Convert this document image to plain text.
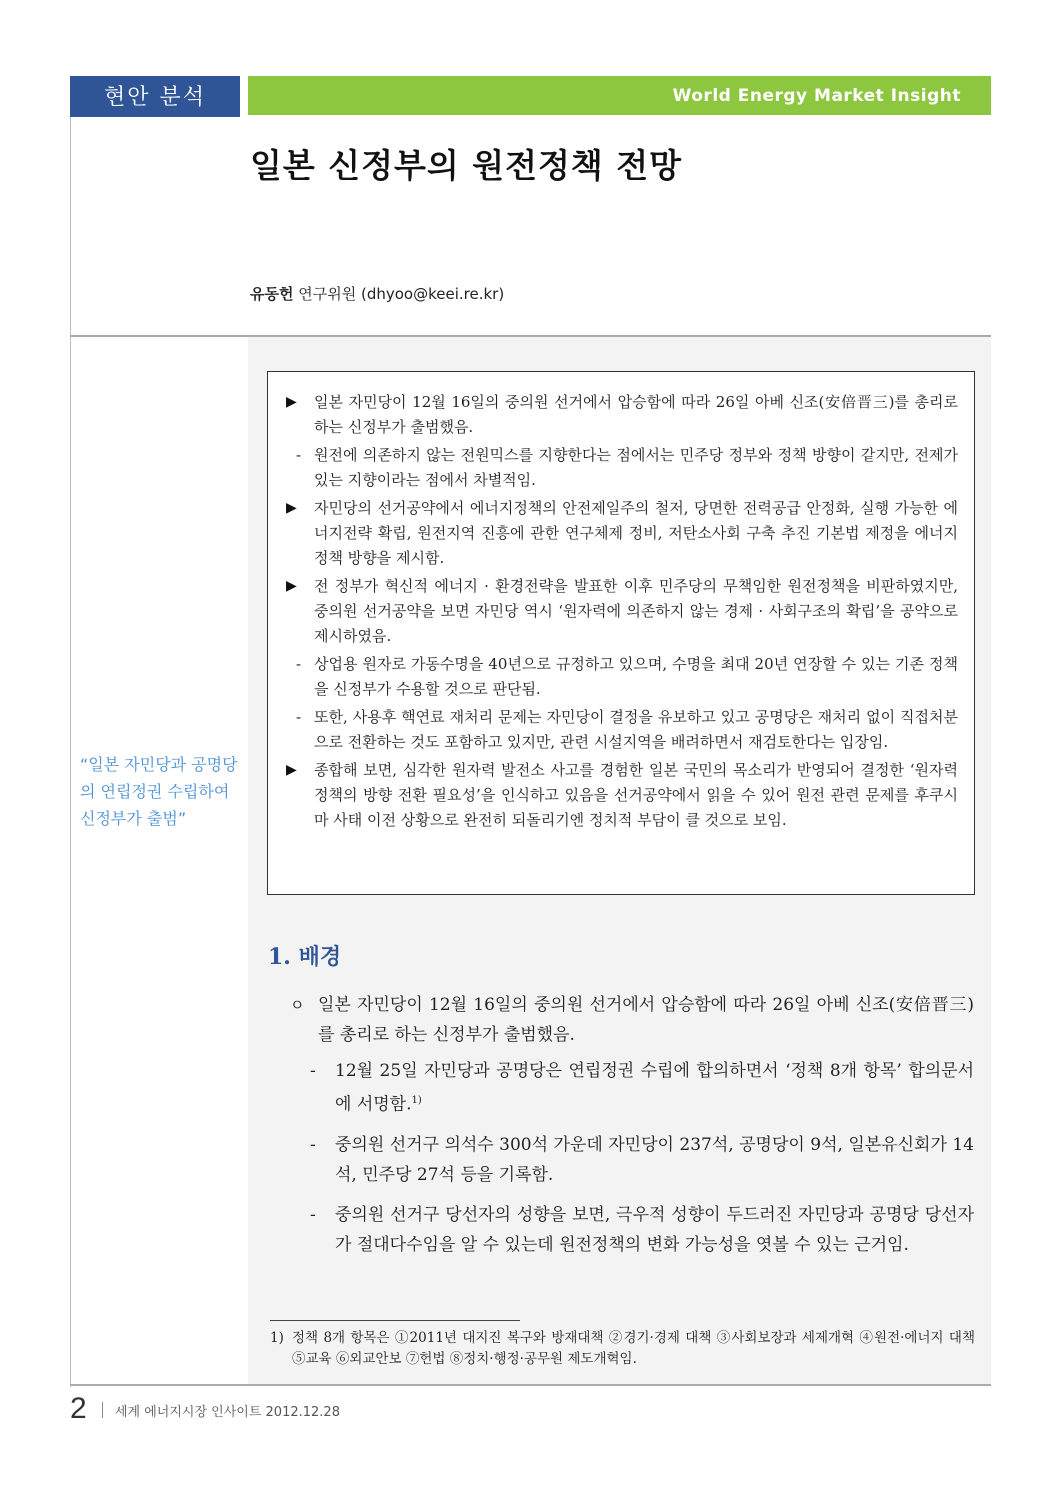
현안 분석	World Energy Market Insight
일본 신정부의 원전정책 전망
유동헌 연구위원 (dhyoo@keei.re.kr)
“일본 자민당과 공명당의 연립정권 수립하여 신정부가 출범”
▶ 일본 자민당이 12월 16일의 중의원 선거에서 압승함에 따라 26일 아베 신조(安倍晋三)를 총리로 하는 신정부가 출범했음.
- 원전에 의존하지 않는 전원믹스를 지향한다는 점에서는 민주당 정부와 정책 방향이 같지만, 전제가 있는 지향이라는 점에서 차별적임.
▶ 자민당의 선거공약에서 에너지정책의 안전제일주의 철저, 당면한 전력공급 안정화, 실행 가능한 에너지전략 확립, 원전지역 진흥에 관한 연구체제 정비, 저탄소사회 구축 추진 기본법 제정을 에너지정책 방향을 제시함.
▶ 전 정부가 혁신적 에너지 · 환경전략을 발표한 이후 민주당의 무책임한 원전정책을 비판하였지만, 중의원 선거공약을 보면 자민당 역시 ‘원자력에 의존하지 않는 경제 · 사회구조의 확립’을 공약으로 제시하였음.
- 상업용 원자로 가동수명을 40년으로 규정하고 있으며, 수명을 최대 20년 연장할 수 있는 기존 정책을 신정부가 수용할 것으로 판단됨.
- 또한, 사용후 핵연료 재처리 문제는 자민당이 결정을 유보하고 있고 공명당은 재처리 없이 직접처분으로 전환하는 것도 포함하고 있지만, 관련 시설지역을 배려하면서 재검토한다는 입장임.
▶ 종합해 보면, 심각한 원자력 발전소 사고를 경험한 일본 국민의 목소리가 반영되어 결정한 ‘원자력 정책의 방향 전환 필요성’을 인식하고 있음을 선거공약에서 읽을 수 있어 원전 관련 문제를 후쿠시마 사태 이전 상황으로 완전히 되돌리기엔 정치적 부담이 클 것으로 보임.
1. 배경
ㅇ 일본 자민당이 12월 16일의 중의원 선거에서 압승함에 따라 26일 아베 신조(安倍晋三)를 총리로 하는 신정부가 출범했음.
- 12월 25일 자민당과 공명당은 연립정권 수립에 합의하면서 ‘정책 8개 항목’ 합의문서에 서명함.$^{1)}$
- 중의원 선거구 의석수 300석 가운데 자민당이 237석, 공명당이 9석, 일본유신회가 14석, 민주당 27석 등을 기록함.
- 중의원 선거구 당선자의 성향을 보면, 극우적 성향이 두드러진 자민당과 공명당 당선자가 절대다수임을 알 수 있는데 원전정책의 변화 가능성을 엿볼 수 있는 근거임.
1) 정책 8개 항목은 ①2011년 대지진 복구와 방재대책 ②경기·경제 대책 ③사회보장과 세제개혁 ④원전·에너지 대책 ⑤교육 ⑥외교안보 ⑦헌법 ⑧정치·행정·공무원 제도개혁임.
2 세계 에너지시장 인사이트 2012.12.28
